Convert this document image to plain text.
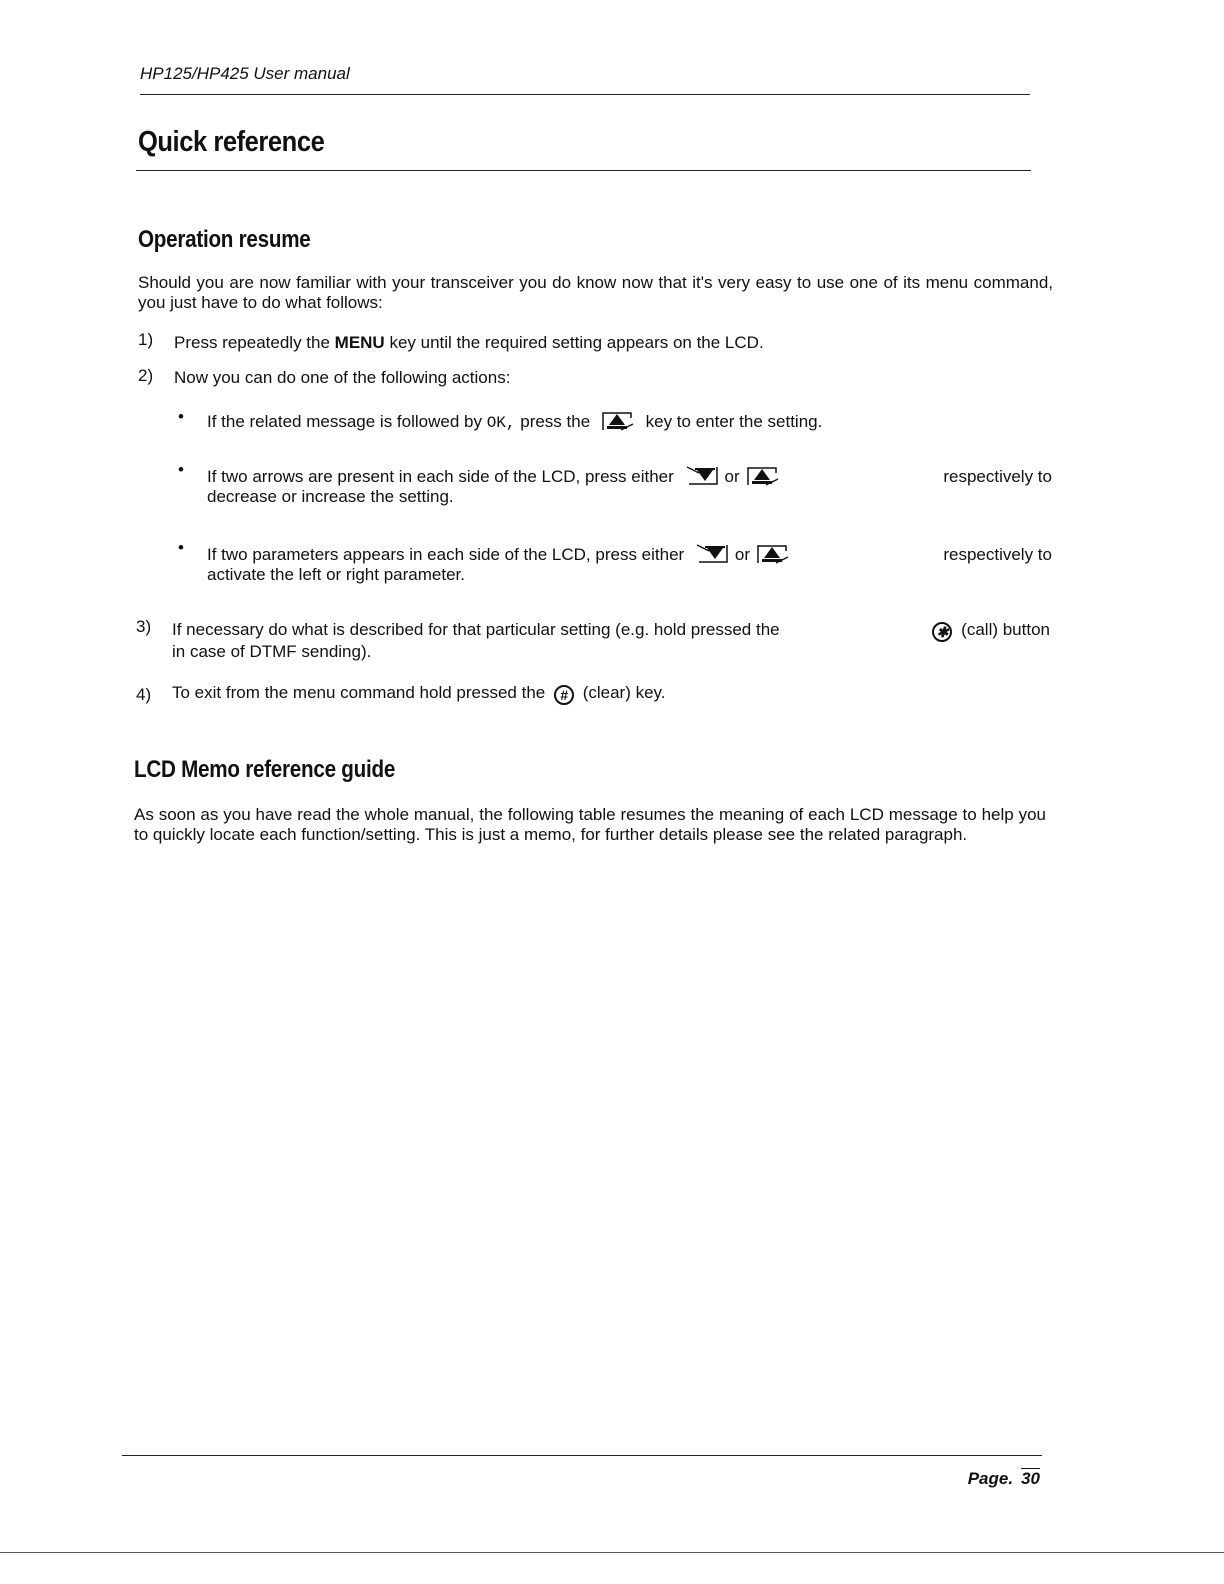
HP125/HP425 User manual
Quick reference
Operation resume

Should you are now familiar with your transceiver you do know now that it's very easy to use one of its menu command, you just have to do what follows:

1) Press repeatedly the MENU key until the required setting appears on the LCD.
2) Now you can do one of the following actions:
• If the related message is followed by OK, press the	key to enter the setting.
• If two arrows are present in each side of the LCD, press either	or	respectively to
decrease or increase the setting.
• If two parameters appears in each side of the LCD, press either	or	respectively to
activate the left or right parameter.
3) If necessary do what is described for that particular setting (e.g. hold pressed the	✱ (call) button
in case of DTMF sending).
4) To exit from the menu command hold pressed the # (clear) key.
LCD Memo reference guide

As soon as you have read the whole manual, the following table resumes the meaning of each LCD message to help you to quickly locate each function/setting. This is just a memo, for further details please see the related paragraph.

Page. 30
